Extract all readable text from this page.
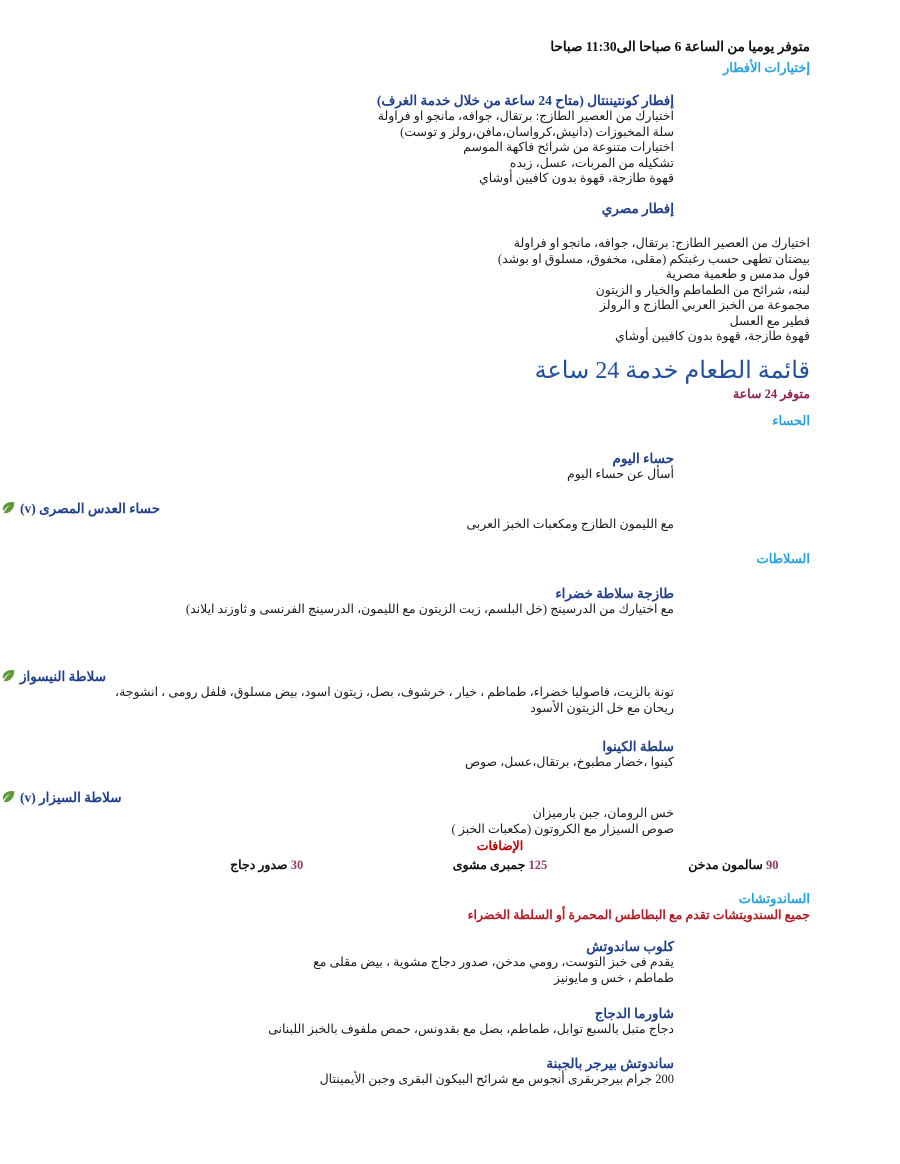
متوفر يوميا من الساعة 6 صباحا الى11:30 صباحا
إختيارات الأفطار
إفطار كونتيننتال (متاح 24 ساعة من خلال خدمة الغرف)
اختيارك من العصير الطازج: برتقال، جوافه، مانجو او فراولة
سلة المخبوزات (دانيش،كرواسان،مافن،رولز و توست)
اختيارات متنوعة من شرائح فاكهة الموسم
تشكيله من المربات، عسل، زبده
قهوة طازجة، قهوة بدون كافيين أوشاي
إفطار مصري
اختيارك من العصير الطازج: برتقال، جوافه، مانجو او فراولة
بيضتان تطهى حسب رغبتكم (مقلى، مخفوق، مسلوق او بوشد)
فول مدمس و طعمية مصرية
لبنه، شرائح من الطماطم والخيار و الزيتون
مجموعة من الخبز العربي الطازج و الرولز
فطير مع العسل
قهوة طازجة، قهوة بدون كافيين أوشاي
قائمة الطعام خدمة 24 ساعة
متوفر 24 ساعة
الحساء
حساء اليوم
أسأل عن حساء اليوم
حساء العدس المصرى (v)
مع الليمون الطازج ومكعبات الخبز العربى
السلاطات
طازجة سلاطة خضراء
مع اختيارك من الدرسينج (خل البلسم، زيت الزيتون مع الليمون، الدرسينج الفرنسى و ثاوزند ايلاند)
سلاطة النيسواز
تونة بالزيت، فاصوليا خضراء، طماطم ، خيار ، خرشوف، بصل، زيتون اسود، بيض مسلوق، فلفل رومى ، انشوجة،
ريحان مع خل الزيتون الأسود
سلطة الكينوا
كينوا ،خضار مطبوخ، برتقال،عسل، صوص
سلاطة السيزار (v)
خس الرومان، جبن بارميزان
صوص السيزار مع الكروتون (مكعبات الخبز )
الإضافات
90 سالمون مدخن
125 جمبرى مشوى
30 صدور دجاج
الساندوتشات
جميع السندويتشات تقدم مع البطاطس المحمرة أو السلطة الخضراء
كلوب ساندوتش
يقدم فى خبز التوست، رومي مدخن، صدور دجاج مشوية ، بيض مقلى مع
طماطم ، خس و مايونيز
شاورما الدجاج
دجاج متبل بالسبع توابل، طماطم، بصل مع بقدونس، حمص ملفوف بالخبز اللبنانى
ساندوتش بيرجر بالجبنة
200 جرام بيرجربقرى أنجوس مع شرائح البيكون البقرى وجبن الأيمينتال
